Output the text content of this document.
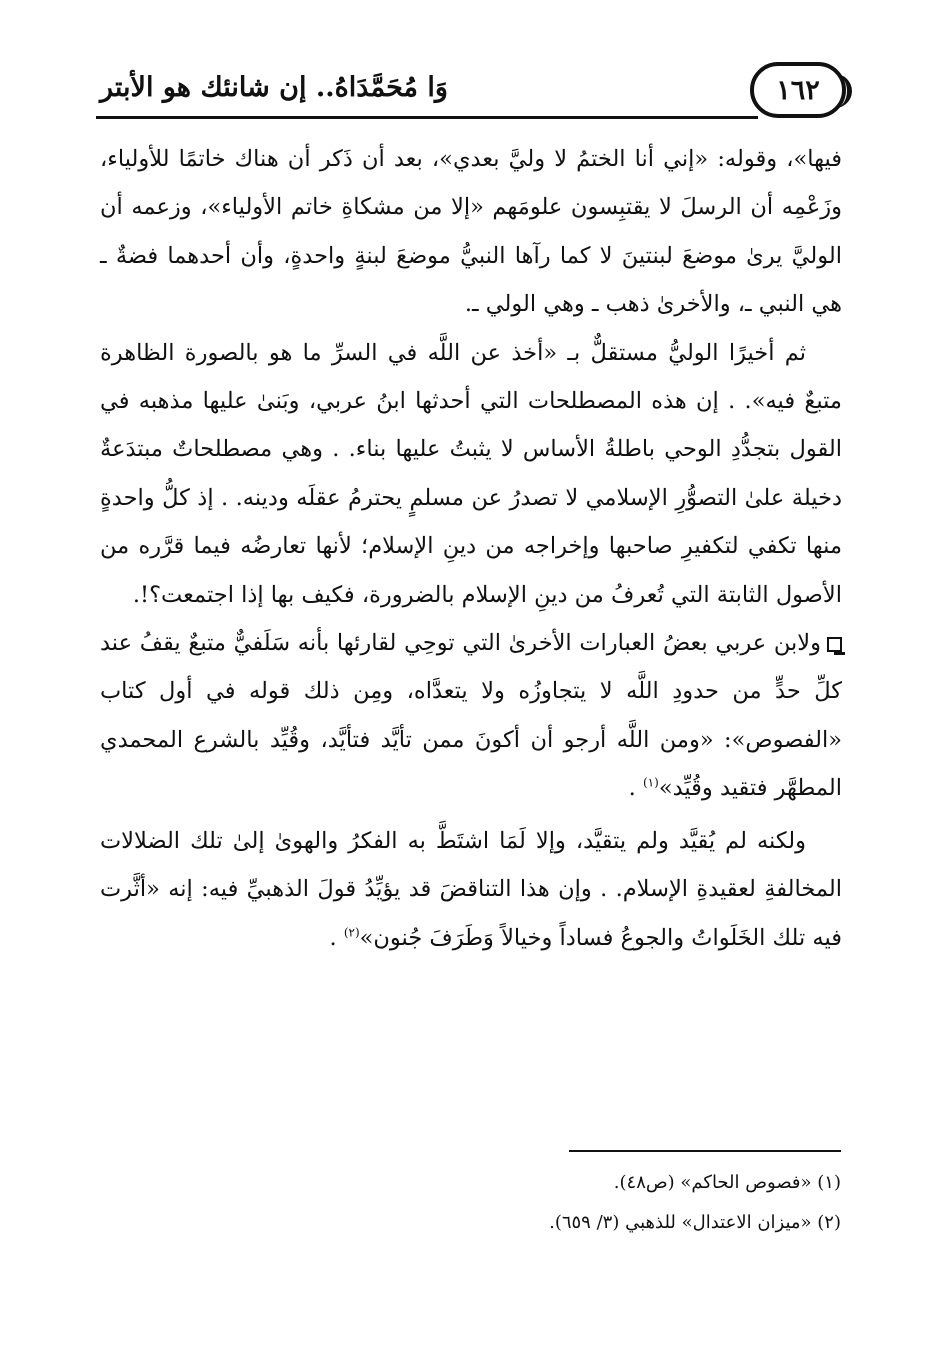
وَا مُحَمَّدَاهُ.. إن شانئك هو الأبتر	١٦٢

فيها»، وقوله: «إني أنا الختمُ لا وليَّ بعدي»، بعد أن ذَكر أن هناك خاتمًا للأولياء، وزَعْمِه أن الرسلَ لا يقتبِسون علومَهم «إلا من مشكاةِ خاتم الأولياء»، وزعمه أن الوليَّ يرىٰ موضعَ لبنتينَ لا كما رآها النبيُّ موضعَ لبنةٍ واحدةٍ، وأن أحدهما فضةٌ ـ هي النبي ـ، والأخرىٰ ذهب ـ وهي الولي ـ.

ثم أخيرًا الوليُّ مستقلٌّ بـ «أخذ عن اللَّه في السرِّ ما هو بالصورة الظاهرة متبعٌ فيه». . إن هذه المصطلحات التي أحدثها ابنُ عربي، وبَنىٰ عليها مذهبه في القول بتجدُّدِ الوحي باطلةُ الأساس لا يثبتُ عليها بناء. . وهي مصطلحاتٌ مبتدَعةٌ دخيلة علىٰ التصوُّرِ الإسلامي لا تصدرُ عن مسلمٍ يحترمُ عقلَه ودينه. . إذ كلُّ واحدةٍ منها تكفي لتكفيرِ صاحبها وإخراجه من دينِ الإسلام؛ لأنها تعارضُه فيما قرَّره من الأصول الثابتة التي تُعرفُ من دينِ الإسلام بالضرورة، فكيف بها إذا اجتمعت؟!.

ولابن عربي بعضُ العبارات الأخرىٰ التي توحِي لقارئها بأنه سَلَفيٌّ متبعٌ يقفُ عند كلِّ حدٍّ من حدودِ اللَّه لا يتجاوزُه ولا يتعدَّاه، ومِن ذلك قوله في أول كتاب «الفصوص»: «ومن اللَّه أرجو أن أكونَ ممن تأيَّد فتأيَّد، وقُيِّد بالشرع المحمدي المطهَّر فتقيد وقُيِّد»$^{(١)}$ .

ولكنه لم يُقيَّد ولم يتقيَّد، وإلا لَمَا اشتَطَّ به الفكرُ والهوىٰ إلىٰ تلك الضلالات المخالفةِ لعقيدةِ الإسلام. . وإن هذا التناقضَ قد يؤيِّدُ قولَ الذهبيِّ فيه: إنه «أثَّرت فيه تلك الخَلَواتُ والجوعُ فساداً وخيالاً وَطَرَفَ جُنون»$^{(٢)}$ .

(١) «فصوص الحاكم» (ص٤٨).

(٢) «ميزان الاعتدال» للذهبي (٣/ ٦٥٩).
